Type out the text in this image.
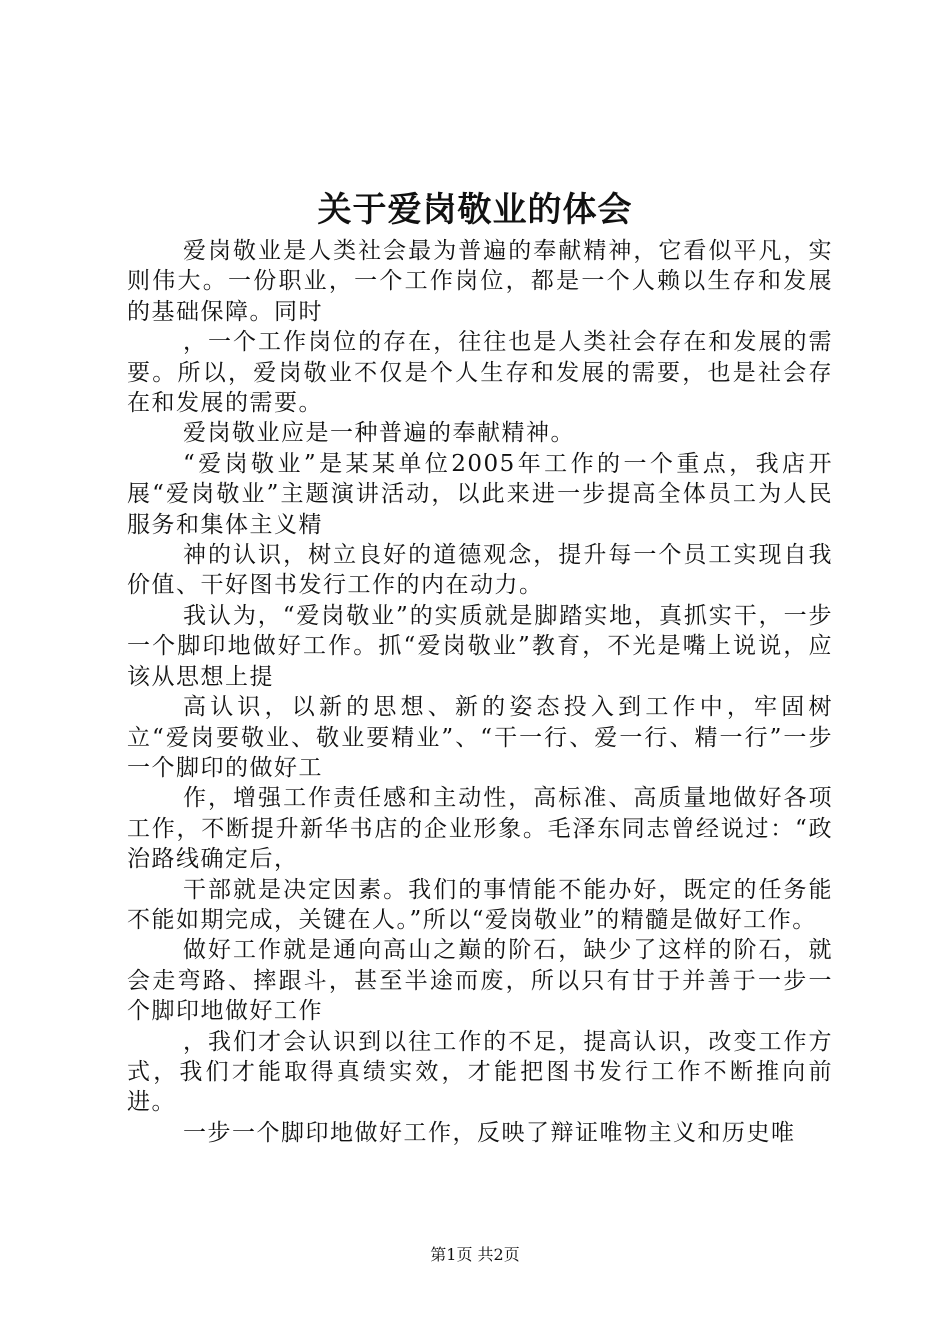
关于爱岗敬业的体会

爱岗敬业是人类社会最为普遍的奉献精神，它看似平凡，实则伟大。一份职业，一个工作岗位，都是一个人赖以生存和发展的基础保障。同时

，一个工作岗位的存在，往往也是人类社会存在和发展的需要。所以，爱岗敬业不仅是个人生存和发展的需要，也是社会存在和发展的需要。

爱岗敬业应是一种普遍的奉献精神。

“爱岗敬业”是某某单位2005年工作的一个重点，我店开展“爱岗敬业”主题演讲活动，以此来进一步提高全体员工为人民服务和集体主义精

神的认识，树立良好的道德观念，提升每一个员工实现自我价值、干好图书发行工作的内在动力。

我认为，“爱岗敬业”的实质就是脚踏实地，真抓实干，一步一个脚印地做好工作。抓“爱岗敬业”教育，不光是嘴上说说，应该从思想上提

高认识，以新的思想、新的姿态投入到工作中，牢固树立“爱岗要敬业、敬业要精业”、“干一行、爱一行、精一行”一步一个脚印的做好工

作，增强工作责任感和主动性，高标准、高质量地做好各项工作，不断提升新华书店的企业形象。毛泽东同志曾经说过：“政治路线确定后，

干部就是决定因素。我们的事情能不能办好，既定的任务能不能如期完成，关键在人。”所以“爱岗敬业”的精髓是做好工作。

做好工作就是通向高山之巅的阶石，缺少了这样的阶石，就会走弯路、摔跟斗，甚至半途而废，所以只有甘于并善于一步一个脚印地做好工作

，我们才会认识到以往工作的不足，提高认识，改变工作方式，我们才能取得真绩实效，才能把图书发行工作不断推向前进。

一步一个脚印地做好工作，反映了辩证唯物主义和历史唯

第1页 共2页
